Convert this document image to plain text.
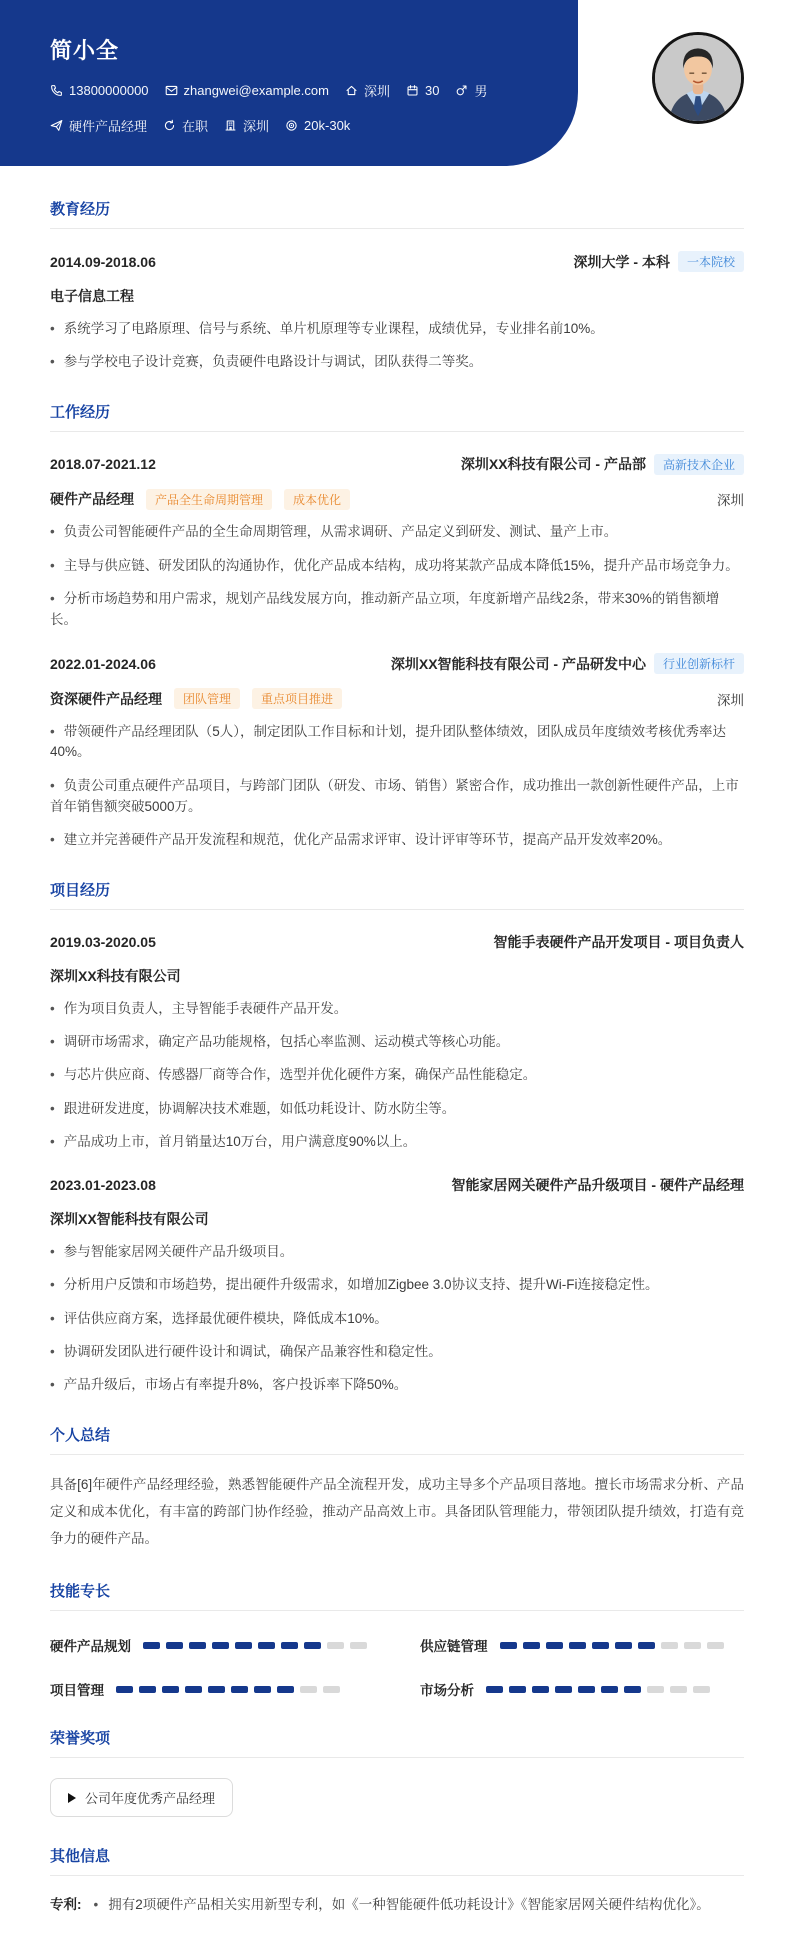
简小全
13800000000	zhangwei@example.com	深圳	30	男
硬件产品经理	在职	深圳	20k-30k
教育经历
2014.09-2018.06	深圳大学 - 本科	一本院校
电子信息工程

• 系统学习了电路原理、信号与系统、单片机原理等专业课程，成绩优异，专业排名前10%。

• 参与学校电子设计竞赛，负责硬件电路设计与调试，团队获得二等奖。

工作经历
2018.07-2021.12	深圳XX科技有限公司 - 产品部	高新技术企业
硬件产品经理	产品全生命周期管理	成本优化	深圳

• 负责公司智能硬件产品的全生命周期管理，从需求调研、产品定义到研发、测试、量产上市。

• 主导与供应链、研发团队的沟通协作，优化产品成本结构，成功将某款产品成本降低15%，提升产品市场竞争力。

• 分析市场趋势和用户需求，规划产品线发展方向，推动新产品立项，年度新增产品线2条，带来30%的销售额增长。

2022.01-2024.06	深圳XX智能科技有限公司 - 产品研发中心	行业创新标杆
资深硬件产品经理	团队管理	重点项目推进	深圳

• 带领硬件产品经理团队（5人），制定团队工作目标和计划，提升团队整体绩效，团队成员年度绩效考核优秀率达40%。

• 负责公司重点硬件产品项目，与跨部门团队（研发、市场、销售）紧密合作，成功推出一款创新性硬件产品，上市首年销售额突破5000万。

• 建立并完善硬件产品开发流程和规范，优化产品需求评审、设计评审等环节，提高产品开发效率20%。

项目经历
2019.03-2020.05	智能手表硬件产品开发项目 - 项目负责人
深圳XX科技有限公司

• 作为项目负责人，主导智能手表硬件产品开发。

• 调研市场需求，确定产品功能规格，包括心率监测、运动模式等核心功能。

• 与芯片供应商、传感器厂商等合作，选型并优化硬件方案，确保产品性能稳定。

• 跟进研发进度，协调解决技术难题，如低功耗设计、防水防尘等。

• 产品成功上市，首月销量达10万台，用户满意度90%以上。

2023.01-2023.08	智能家居网关硬件产品升级项目 - 硬件产品经理
深圳XX智能科技有限公司

• 参与智能家居网关硬件产品升级项目。

• 分析用户反馈和市场趋势，提出硬件升级需求，如增加Zigbee 3.0协议支持、提升Wi-Fi连接稳定性。

• 评估供应商方案，选择最优硬件模块，降低成本10%。

• 协调研发团队进行硬件设计和调试，确保产品兼容性和稳定性。

• 产品升级后，市场占有率提升8%，客户投诉率下降50%。

个人总结

具备[6]年硬件产品经理经验，熟悉智能硬件产品全流程开发，成功主导多个产品项目落地。擅长市场需求分析、产品定义和成本优化，有丰富的跨部门协作经验，推动产品高效上市。具备团队管理能力，带领团队提升绩效，打造有竞争力的硬件产品。

技能专长
硬件产品规划	供应链管理
项目管理	市场分析
荣誉奖项
公司年度优秀产品经理
其他信息

专利: • 拥有2项硬件产品相关实用新型专利，如《一种智能硬件低功耗设计》《智能家居网关硬件结构优化》。
